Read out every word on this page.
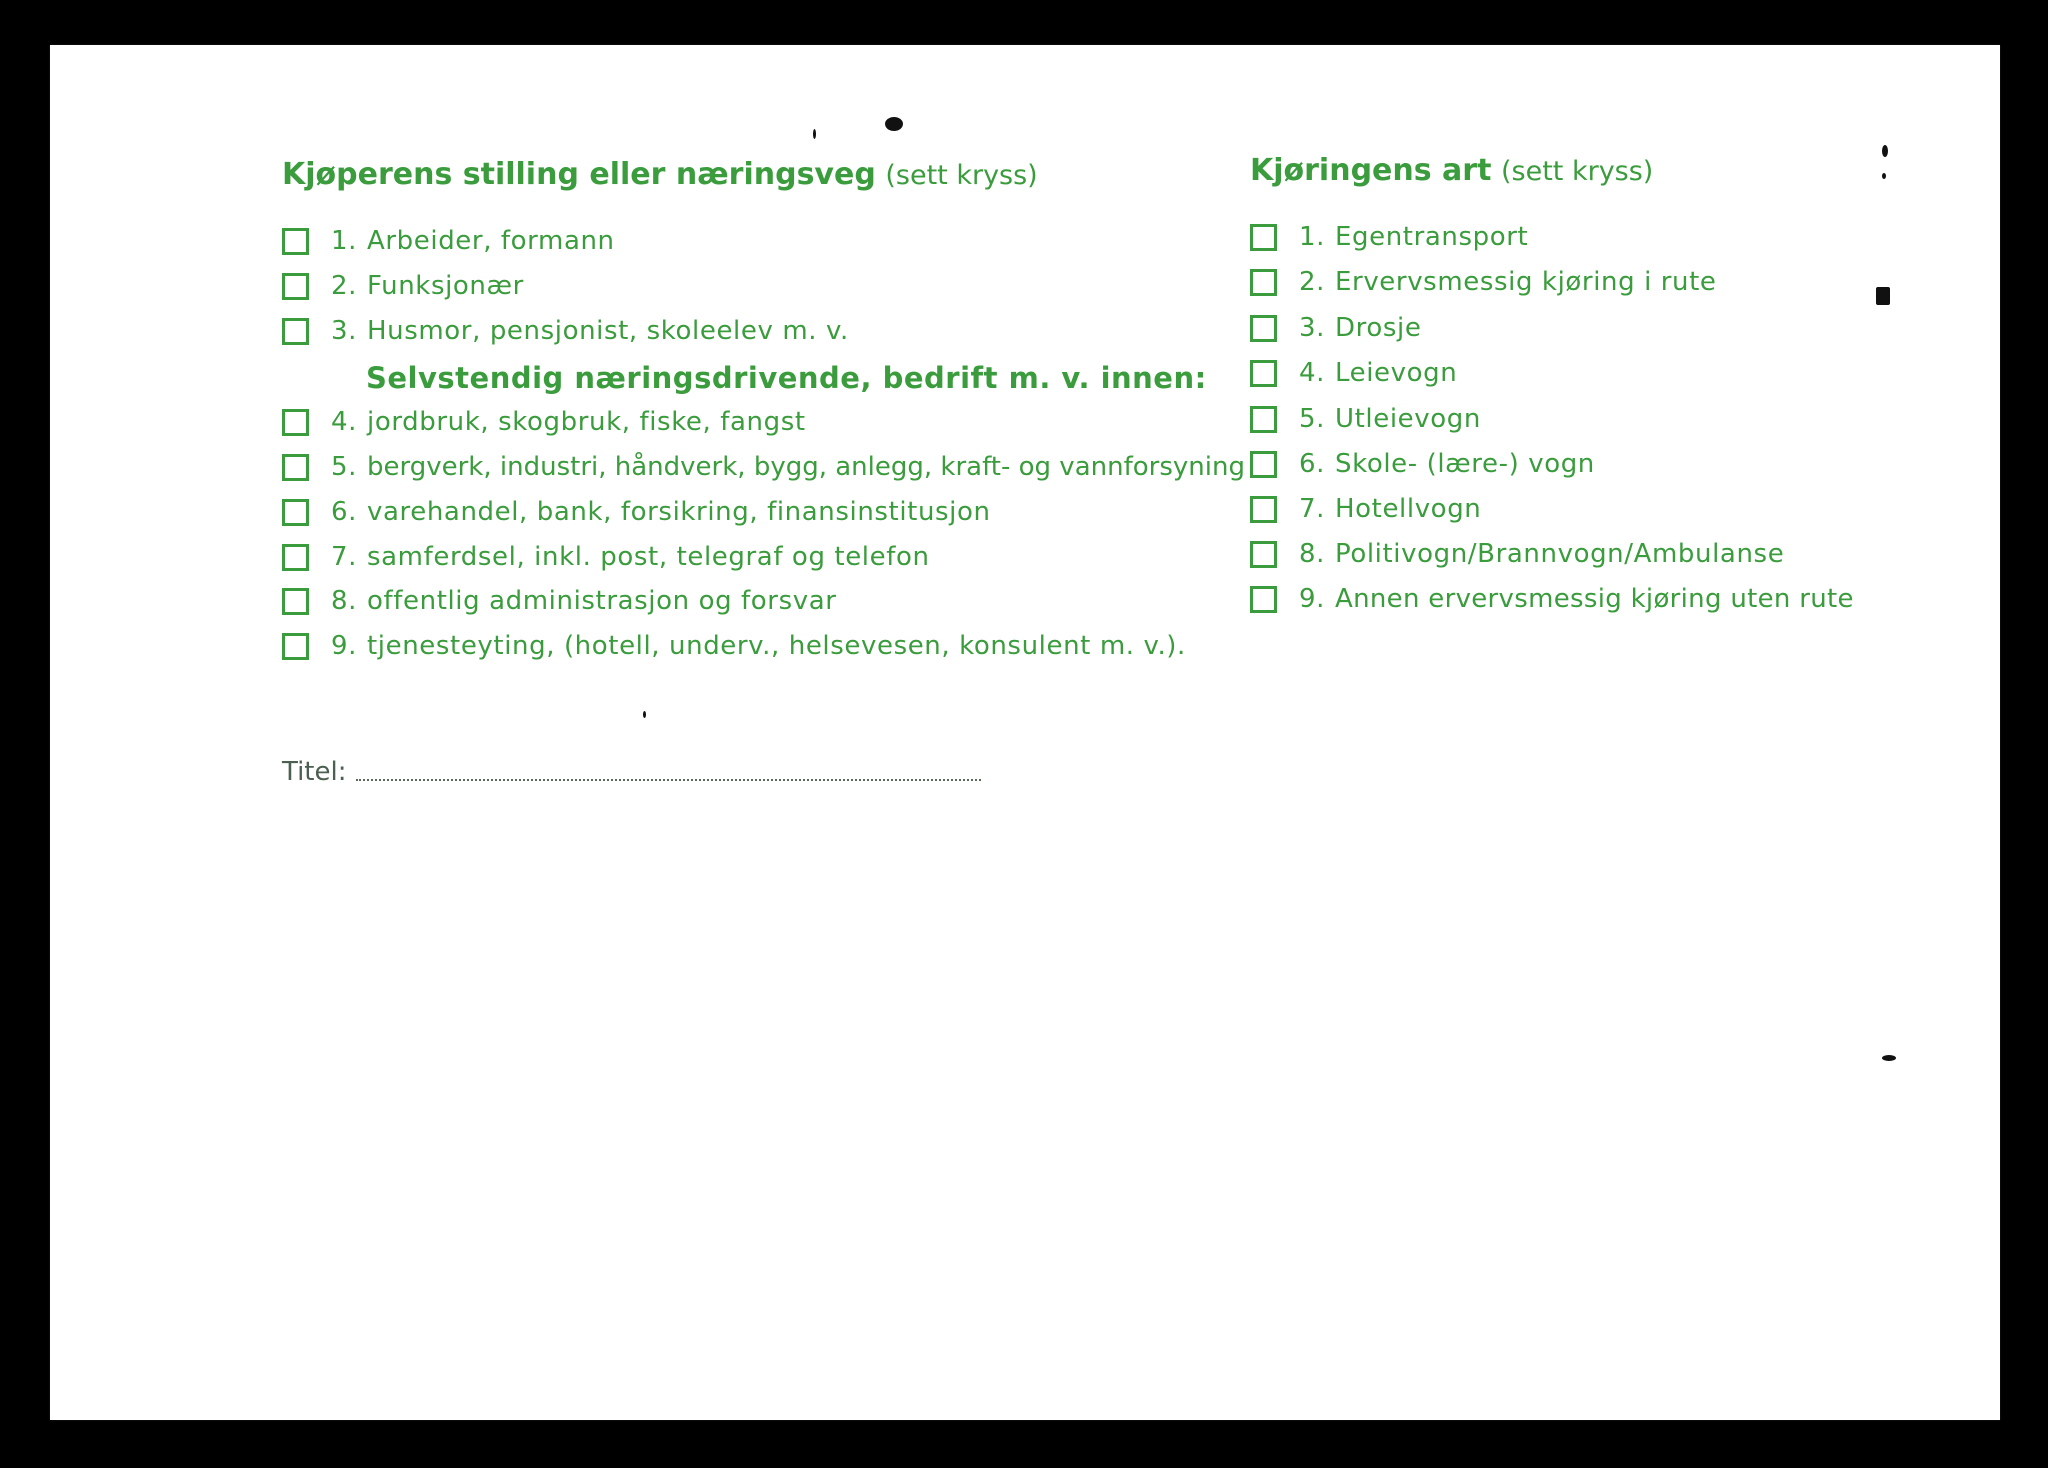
Kjøperens stilling eller næringsveg (sett kryss)
1. Arbeider, formann
2. Funksjonær
3. Husmor, pensjonist, skoleelev m. v.
Selvstendig næringsdrivende, bedrift m. v. innen:
4. jordbruk, skogbruk, fiske, fangst
5. bergverk, industri, håndverk, bygg, anlegg, kraft- og vannforsyning
6. varehandel, bank, forsikring, finansinstitusjon
7. samferdsel, inkl. post, telegraf og telefon
8. offentlig administrasjon og forsvar
9. tjenesteyting, (hotell, underv., helsevesen, konsulent m. v.).
Titel:
Kjøringens art (sett kryss)
1. Egentransport
2. Ervervsmessig kjøring i rute
3. Drosje
4. Leievogn
5. Utleievogn
6. Skole- (lære-) vogn
7. Hotellvogn
8. Politivogn/Brannvogn/Ambulanse
9. Annen ervervsmessig kjøring uten rute
